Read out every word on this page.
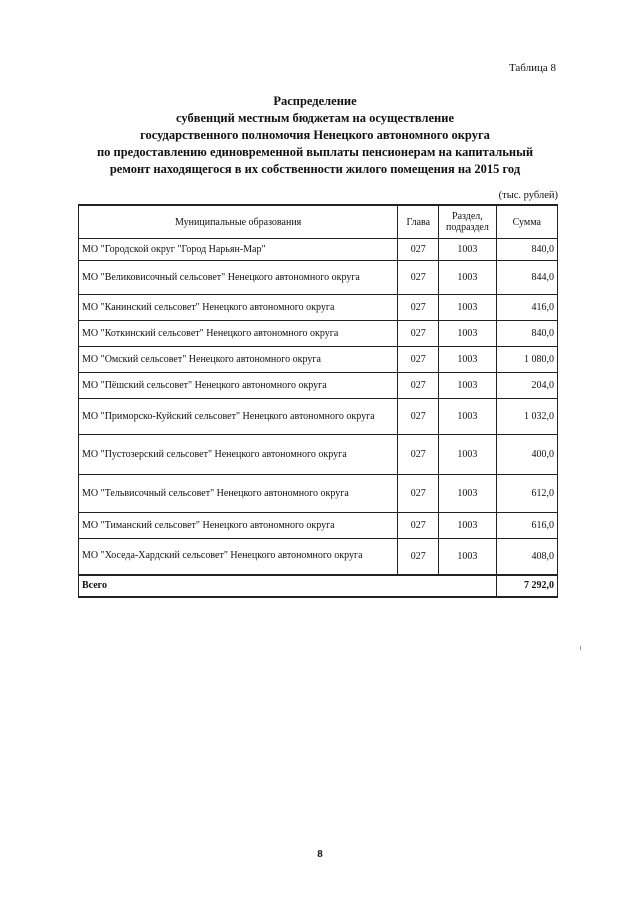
Таблица 8
Распределение
субвенций местным бюджетам на осуществление
государственного полномочия Ненецкого автономного округа
по предоставлению единовременной выплаты пенсионерам на капитальный
ремонт находящегося в их собственности жилого помещения на 2015 год
(тыс. рублей)
Муниципальные образования	Глава	Раздел, подраздел	Сумма
МО "Городской округ "Город Нарьян-Мар"	027	1003	840,0
МО "Великовисочный сельсовет" Ненецкого автономного округа	027	1003	844,0
МО "Канинский сельсовет" Ненецкого автономного округа	027	1003	416,0
МО "Коткинский сельсовет" Ненецкого автономного округа	027	1003	840,0
МО "Омский сельсовет" Ненецкого автономного округа	027	1003	1 080,0
МО "Пёшский сельсовет" Ненецкого автономного округа	027	1003	204,0
МО "Приморско-Куйский сельсовет" Ненецкого автономного округа	027	1003	1 032,0
МО "Пустозерский сельсовет" Ненецкого автономного округа	027	1003	400,0
МО "Тельвисочный сельсовет" Ненецкого автономного округа	027	1003	612,0
МО "Тиманский сельсовет" Ненецкого автономного округа	027	1003	616,0
МО "Хоседа-Хардский сельсовет" Ненецкого автономного округа	027	1003	408,0
Всего			7 292,0
8
